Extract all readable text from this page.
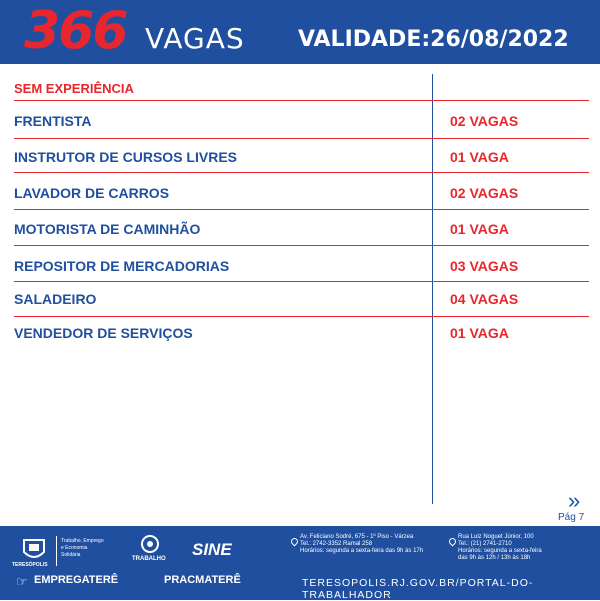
366 VAGAS VALIDADE:26/08/2022
SEM EXPERIÊNCIA
FRENTISTA	02 VAGAS
INSTRUTOR DE CURSOS LIVRES	01 VAGA
LAVADOR DE CARROS	02 VAGAS
MOTORISTA DE CAMINHÃO	01 VAGA
REPOSITOR DE MERCADORIAS	03 VAGAS
SALADEIRO	04 VAGAS
VENDEDOR DE SERVIÇOS	01 VAGA
»
Pág 7
TERESÓPOLIS
Trabalho, Emprego
e Economia
Solidária
TRABALHO SINE
Av. Feliciano Sodré, 675 - 1º Piso - Várzea
Tel.: 2742-3352 Ramal 258
Horários: segunda a sexta-feira das 9h às 17h
Rua Luiz Noguet Júnior, 100
Tel.: (21) 2741-2710
Horários: segunda a sexta-feira
das 9h às 12h / 13h às 18h
☞ EMPREGATERÊ	PRACMATERÊ	TERESOPOLIS.RJ.GOV.BR/PORTAL-DO-TRABALHADOR
